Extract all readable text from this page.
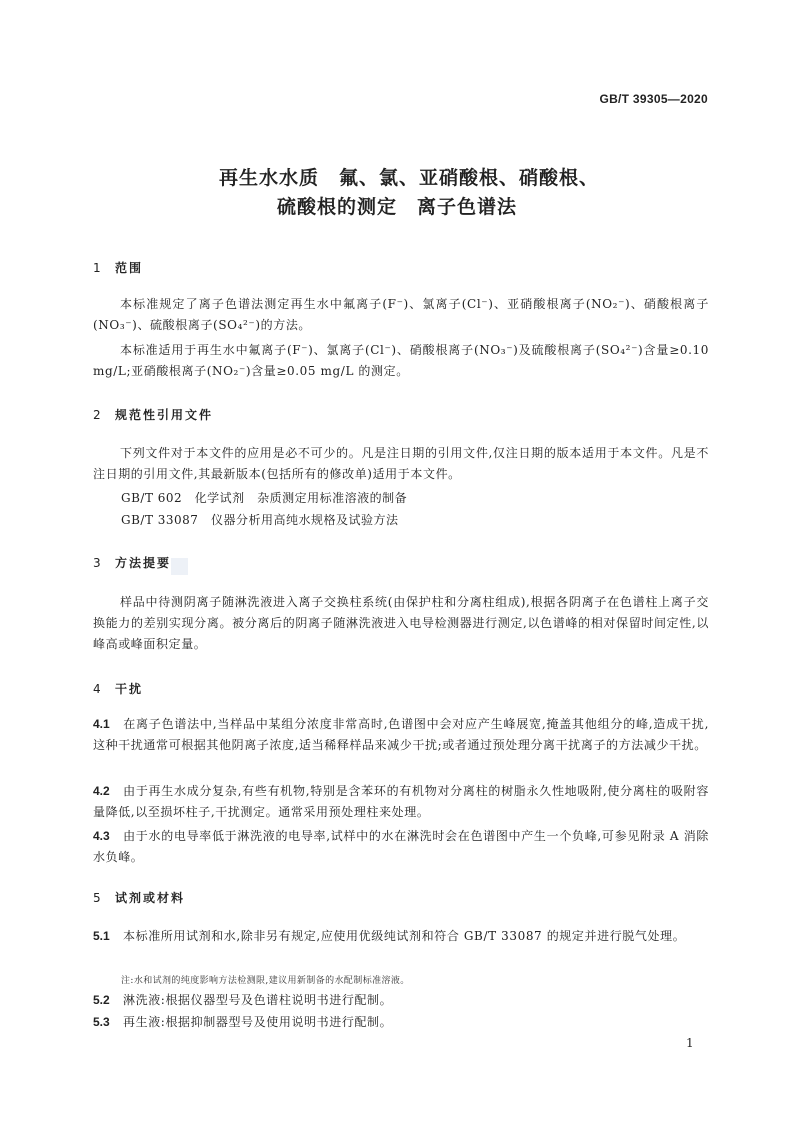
GB/T 39305—2020
再生水水质　氟、氯、亚硝酸根、硝酸根、
硫酸根的测定　离子色谱法
1 范围
本标准规定了离子色谱法测定再生水中氟离子(F⁻)、氯离子(Cl⁻)、亚硝酸根离子(NO₂⁻)、硝酸根离子(NO₃⁻)、硫酸根离子(SO₄²⁻)的方法。
本标准适用于再生水中氟离子(F⁻)、氯离子(Cl⁻)、硝酸根离子(NO₃⁻)及硫酸根离子(SO₄²⁻)含量≥0.10 mg/L;亚硝酸根离子(NO₂⁻)含量≥0.05 mg/L 的测定。
2 规范性引用文件
下列文件对于本文件的应用是必不可少的。凡是注日期的引用文件,仅注日期的版本适用于本文件。凡是不注日期的引用文件,其最新版本(包括所有的修改单)适用于本文件。
GB/T 602　化学试剂　杂质测定用标准溶液的制备
GB/T 33087　仪器分析用高纯水规格及试验方法
3 方法提要
样品中待测阴离子随淋洗液进入离子交换柱系统(由保护柱和分离柱组成),根据各阴离子在色谱柱上离子交换能力的差别实现分离。被分离后的阴离子随淋洗液进入电导检测器进行测定,以色谱峰的相对保留时间定性,以峰高或峰面积定量。
4 干扰
4.1 在离子色谱法中,当样品中某组分浓度非常高时,色谱图中会对应产生峰展宽,掩盖其他组分的峰,造成干扰,这种干扰通常可根据其他阴离子浓度,适当稀释样品来减少干扰;或者通过预处理分离干扰离子的方法减少干扰。
4.2 由于再生水成分复杂,有些有机物,特别是含苯环的有机物对分离柱的树脂永久性地吸附,使分离柱的吸附容量降低,以至损坏柱子,干扰测定。通常采用预处理柱来处理。
4.3 由于水的电导率低于淋洗液的电导率,试样中的水在淋洗时会在色谱图中产生一个负峰,可参见附录 A 消除水负峰。
5 试剂或材料
5.1 本标准所用试剂和水,除非另有规定,应使用优级纯试剂和符合 GB/T 33087 的规定并进行脱气处理。
注:水和试剂的纯度影响方法检测限,建议用新制备的水配制标准溶液。
5.2 淋洗液:根据仪器型号及色谱柱说明书进行配制。
5.3 再生液:根据抑制器型号及使用说明书进行配制。
1
